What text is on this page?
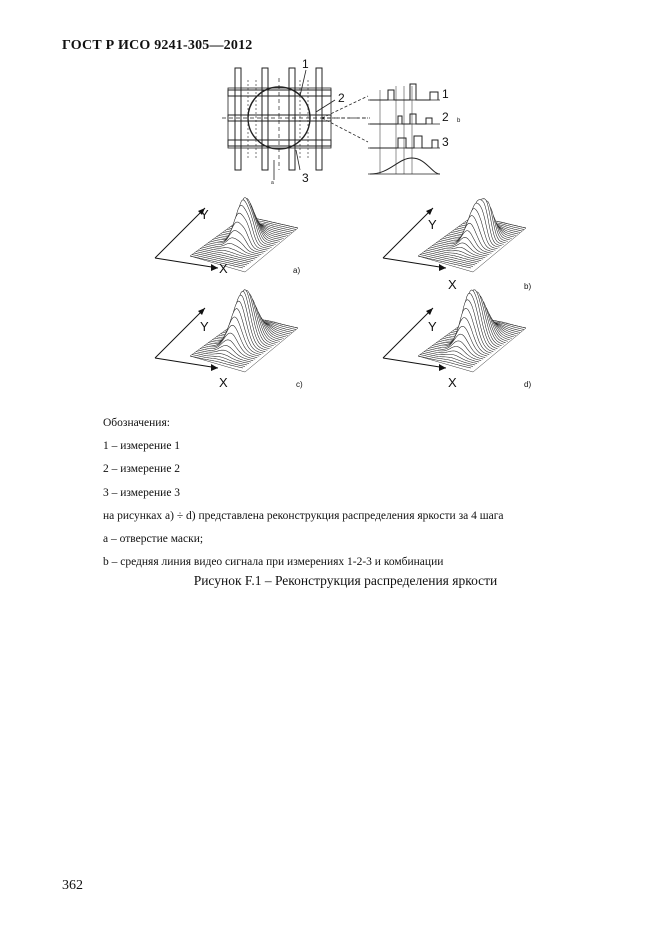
ГОСТ Р ИСО 9241-305—2012
1
2
3
a
b
1
2
3
Y
X	a)
Y
X	b)
Y
X	c)
Y
X	d)
Обозначения:
1 – измерение 1
2 – измерение 2
3 – измерение 3
на рисунках а) ÷ d) представлена реконструкция распределения яркости за 4 шага
а – отверстие маски;
b – средняя линия видео сигнала при измерениях 1-2-3 и комбинации
Рисунок F.1 – Реконструкция распределения яркости
362
